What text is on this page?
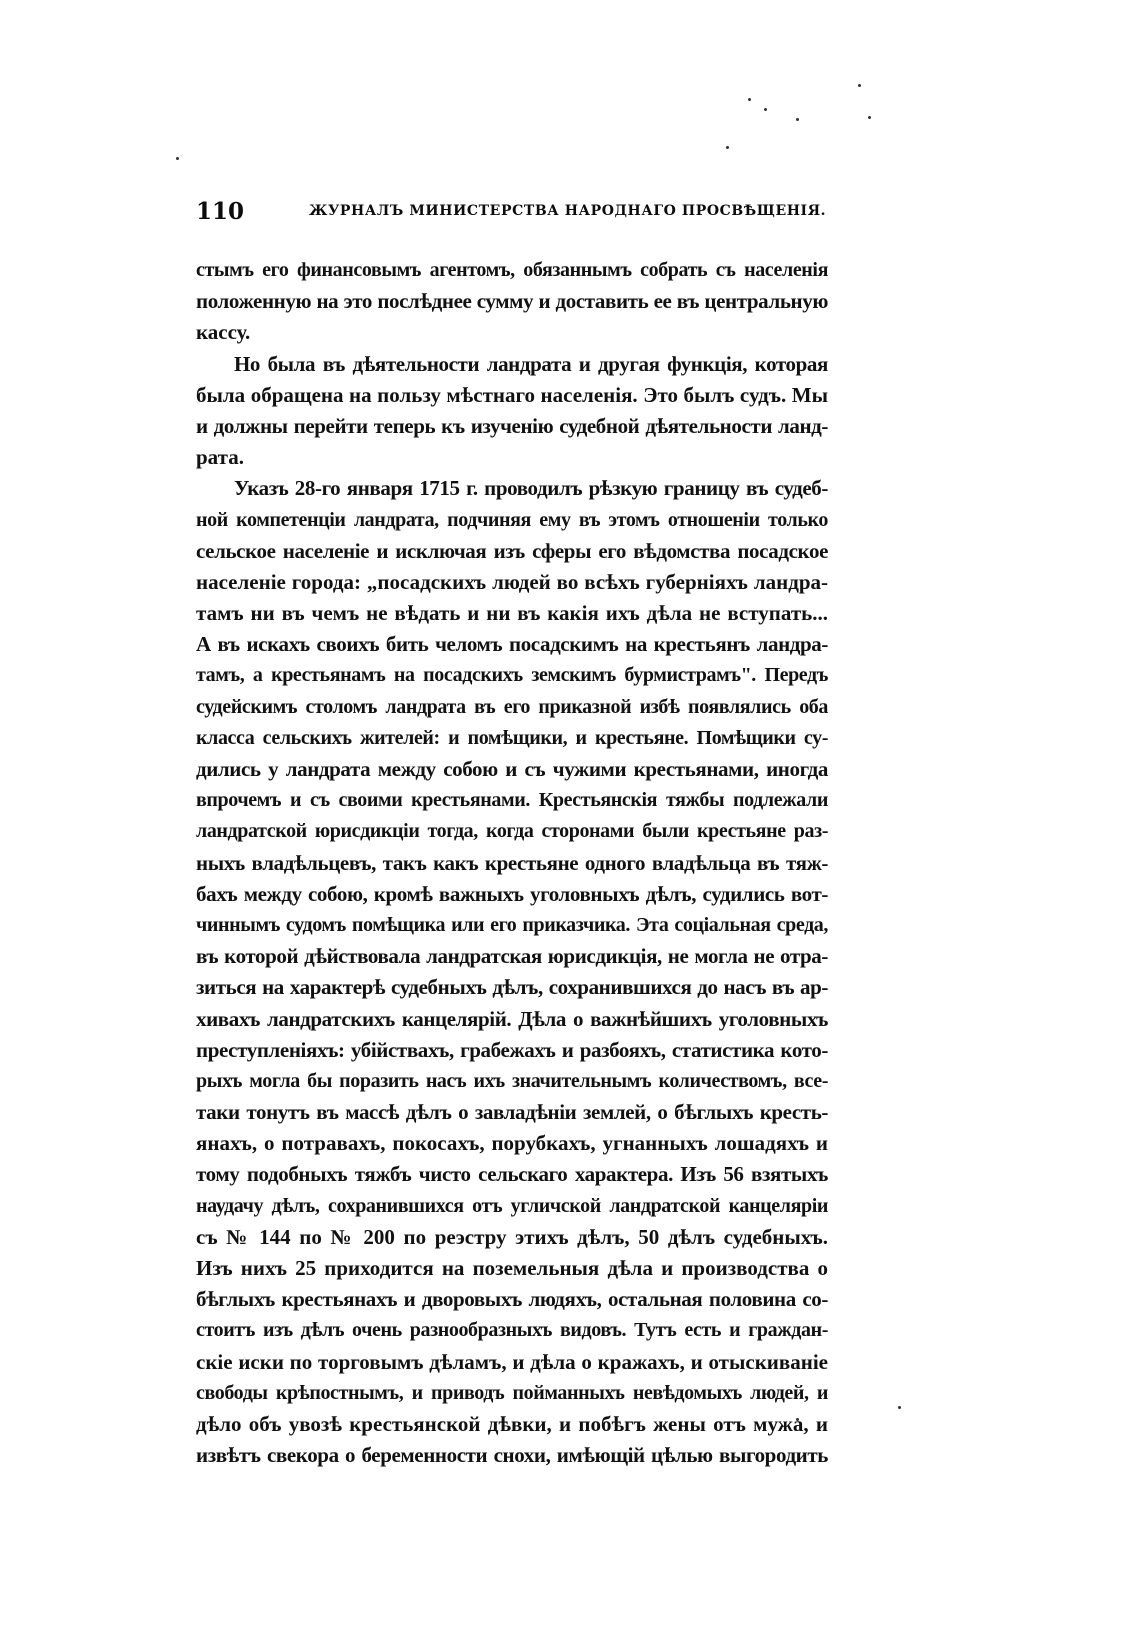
110	ЖУРНАЛЪ МИНИСТЕРСТВА НАРОДНАГО ПРОСВѢЩЕНІЯ.
стымъ его финансовымъ агентомъ, обязаннымъ собрать съ населенія
положенную на это послѣднее сумму и доставить ее въ центральную
кассу.
Но была въ дѣятельности ландрата и другая функція, которая
была обращена на пользу мѣстнаго населенія. Это былъ судъ. Мы
и должны перейти теперь къ изученію судебной дѣятельности ланд-
рата.
Указъ 28-го января 1715 г. проводилъ рѣзкую границу въ судеб-
ной компетенціи ландрата, подчиняя ему въ этомъ отношеніи только
сельское населеніе и исключая изъ сферы его вѣдомства посадское
населеніе города: „посадскихъ людей во всѣхъ губерніяхъ ландра-
тамъ ни въ чемъ не вѣдать и ни въ какія ихъ дѣла не вступать...
А въ искахъ своихъ бить челомъ посадскимъ на крестьянъ ландра-
тамъ, а крестьянамъ на посадскихъ земскимъ бурмистрамъ". Передъ
судейскимъ столомъ ландрата въ его приказной избѣ появлялись оба
класса сельскихъ жителей: и помѣщики, и крестьяне. Помѣщики су-
дились у ландрата между собою и съ чужими крестьянами, иногда
впрочемъ и съ своими крестьянами. Крестьянскія тяжбы подлежали
ландратской юрисдикціи тогда, когда сторонами были крестьяне раз-
ныхъ владѣльцевъ, такъ какъ крестьяне одного владѣльца въ тяж-
бахъ между собою, кромѣ важныхъ уголовныхъ дѣлъ, судились вот-
чиннымъ судомъ помѣщика или его приказчика. Эта соціальная среда,
въ которой дѣйствовала ландратская юрисдикція, не могла не отра-
зиться на характерѣ судебныхъ дѣлъ, сохранившихся до насъ въ ар-
хивахъ ландратскихъ канцелярій. Дѣла о важнѣйшихъ уголовныхъ
преступленіяхъ: убійствахъ, грабежахъ и разбояхъ, статистика кото-
рыхъ могла бы поразить насъ ихъ значительнымъ количествомъ, все-
таки тонутъ въ массѣ дѣлъ о завладѣніи землей, о бѣглыхъ кресть-
янахъ, о потравахъ, покосахъ, порубкахъ, угнанныхъ лошадяхъ и
тому подобныхъ тяжбъ чисто сельскаго характера. Изъ 56 взятыхъ
наудачу дѣлъ, сохранившихся отъ угличской ландратской канцеляріи
съ № 144 по № 200 по реэстру этихъ дѣлъ, 50 дѣлъ судебныхъ.
Изъ нихъ 25 приходится на поземельныя дѣла и производства о
бѣглыхъ крестьянахъ и дворовыхъ людяхъ, остальная половина со-
стоитъ изъ дѣлъ очень разнообразныхъ видовъ. Тутъ есть и граждан-
скіе иски по торговымъ дѣламъ, и дѣла о кражахъ, и отыскиваніе
свободы крѣпостнымъ, и приводъ пойманныхъ невѣдомыхъ людей, и
дѣло объ увозѣ крестьянской дѣвки, и побѣгъ жены отъ мужа, и
извѣтъ свекора о беременности снохи, имѣющій цѣлью выгородить
